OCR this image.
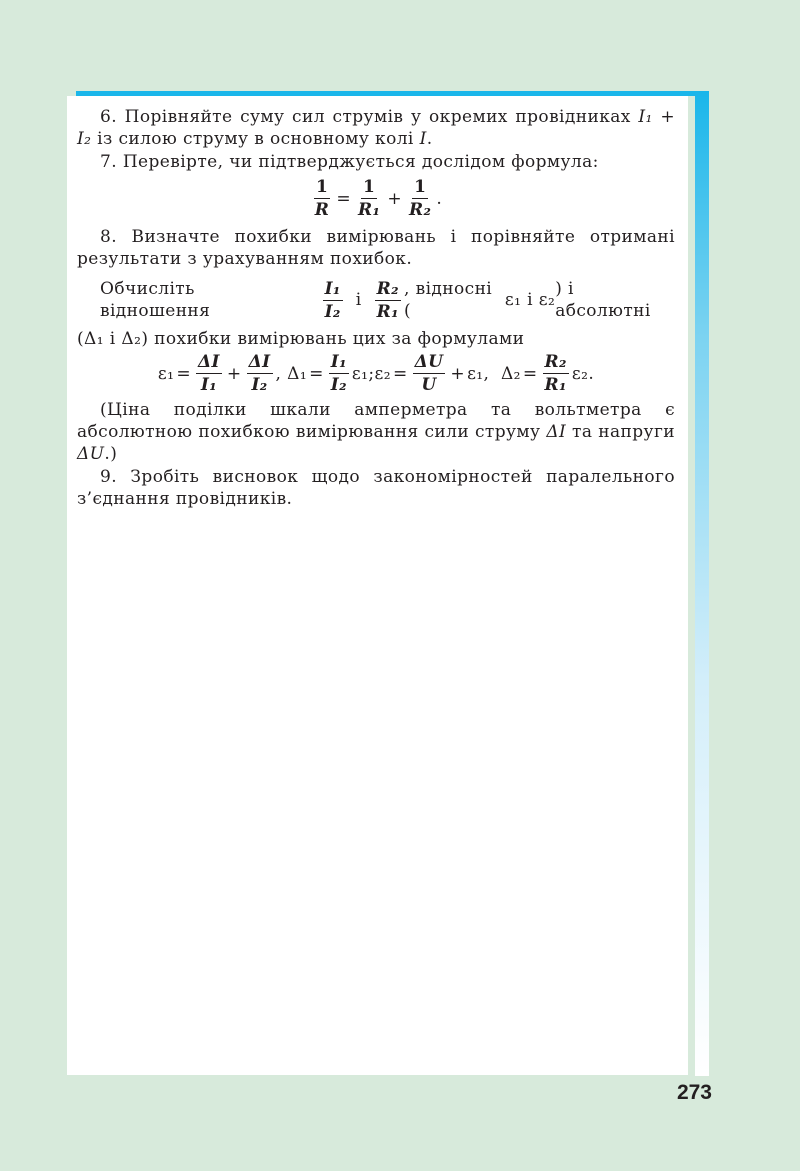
6. Порівняйте суму сил струмів у окремих провідниках I₁ + I₂ із силою струму в основному колі I.

7. Перевірте, чи підтверджується дослідом формула:

$\frac{1}{R} = \frac{1}{\text{R₁}} + \frac{1}{\text{R₂}}$ .

8. Визначте похибки вимірювань і порівняйте отримані результати з урахуванням похибок.

Обчисліть відношення	$\frac{\text{I₁}}{\text{I₂}}$ і $\frac{\text{R₂}}{\text{R₁}}$ , відносні (
ε₁
і
ε₂
) і абсолютні

(Δ₁ і Δ₂) похибки вимірювань цих за формулами

$\varepsilon_1 = \frac{\Delta I}{\text{I₁}} + \frac{\Delta I}{\text{I₂}}$ ,
$\Delta_1 = \frac{\text{I₁}}{\text{I₂}} \varepsilon_1$ ; $\varepsilon_2 = \frac{\Delta U}{U} + \varepsilon_1$ ,
$\Delta_2 = \frac{\text{R₂}}{\text{R₁}} \varepsilon_2$ .

(Ціна поділки шкали амперметра та вольтметра є абсолютною похибкою вимірювання сили струму ΔI та напруги ΔU.)

9. Зробіть висновок щодо закономірностей паралельного з’єднання провідників.

273
